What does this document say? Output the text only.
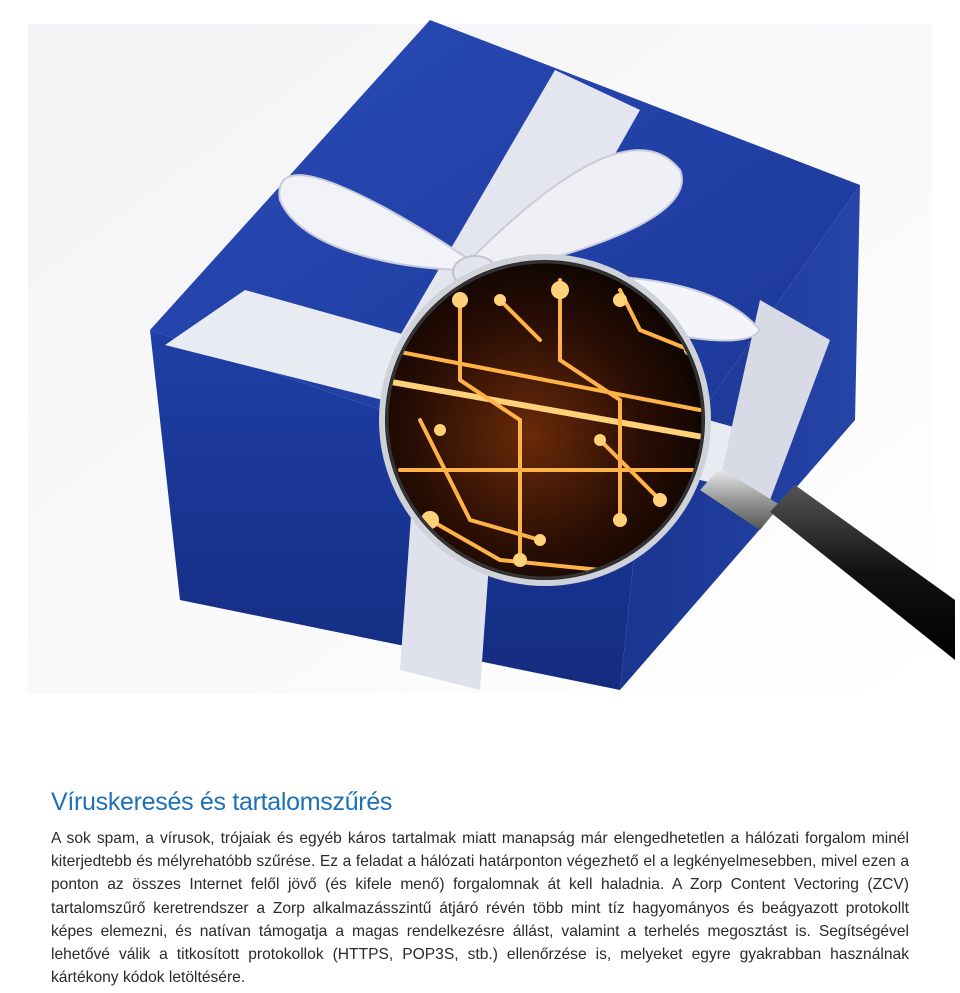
Víruskeresés és tartalomszűrés

A sok spam, a vírusok, trójaiak és egyéb káros tartalmak miatt manapság már elengedhetetlen a hálózati forgalom minél kiterjedtebb és mélyrehatóbb szűrése. Ez a feladat a hálózati határponton végezhető el a legkényelmesebben, mivel ezen a ponton az összes Internet felől jövő (és kifele menő) forgalomnak át kell haladnia. A Zorp Content Vectoring (ZCV) tartalomszűrő keretrendszer a Zorp alkalmazásszintű átjáró révén több mint tíz hagyományos és beágyazott protokollt képes elemezni, és natívan támogatja a magas rendelkezésre állást, valamint a terhelés megosztást is. Segítségével lehetővé válik a titkosított protokollok (HTTPS, POP3S, stb.) ellenőrzése is, melyeket egyre gyakrabban használnak kártékony kódok letöltésére.
